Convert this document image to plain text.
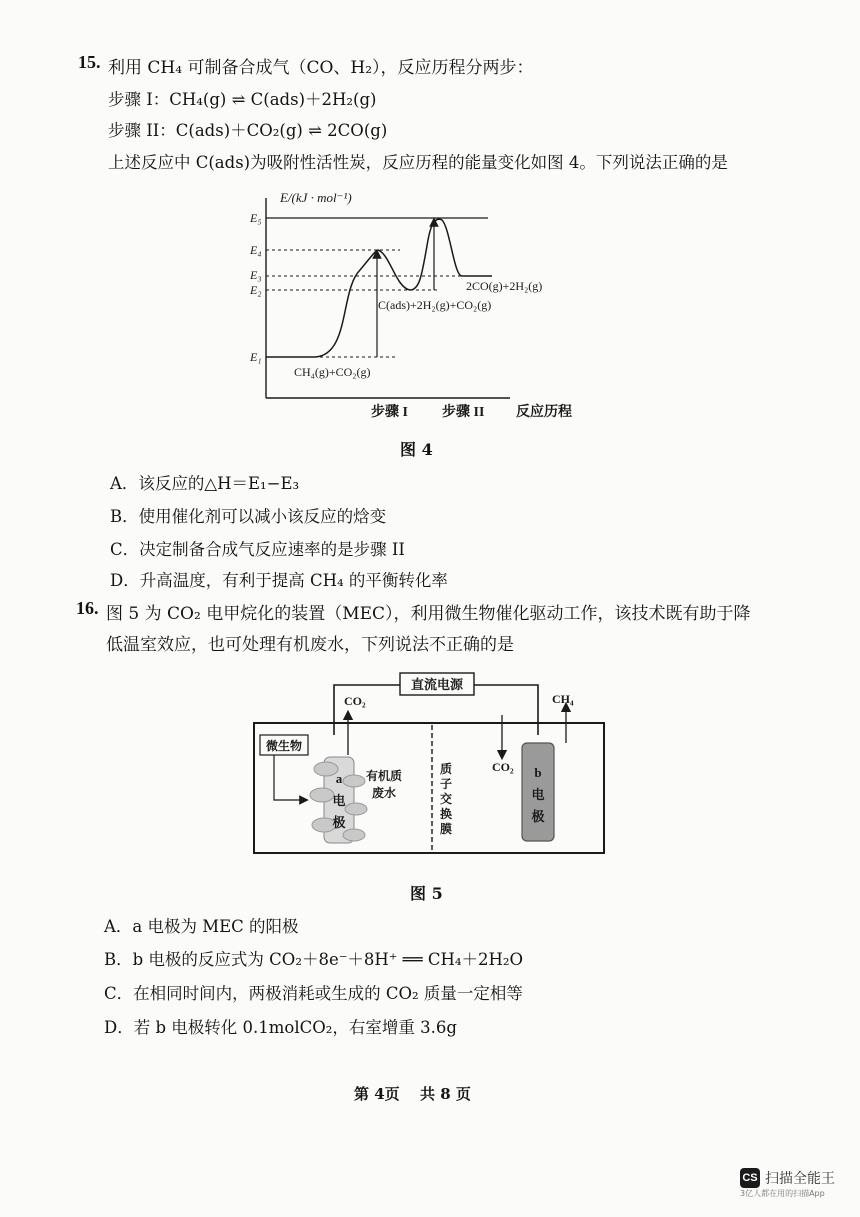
15. 利用 CH₄ 可制备合成气（CO、H₂），反应历程分两步：
步骤 I：CH₄(g) ⇌ C(ads)＋2H₂(g)
步骤 II：C(ads)＋CO₂(g) ⇌ 2CO(g)
上述反应中 C(ads)为吸附性活性炭，反应历程的能量变化如图 4。下列说法正确的是
E/(kJ · mol⁻¹)
E₅
E₄
E₃
E₂
E₁
2CO(g)+2H₂(g)
C(ads)+2H₂(g)+CO₂(g)
CH₄(g)+CO₂(g)
步骤 I 步骤 II 反应历程
图 4
A．该反应的△H＝E₁−E₃
B．使用催化剂可以减小该反应的焓变
C．决定制备合成气反应速率的是步骤 II
D．升高温度，有利于提高 CH₄ 的平衡转化率
16. 图 5 为 CO₂ 电甲烷化的装置（MEC），利用微生物催化驱动工作，该技术既有助于降
低温室效应，也可处理有机废水，下列说法不正确的是
直流电源
CO₂
CO₂
CH₄
微生物
a
电
极
有机质
废水
质
子
交
换
膜
b
电
极
图 5
A．a 电极为 MEC 的阳极
B．b 电极的反应式为 CO₂＋8e⁻＋8H⁺ ══ CH₄＋2H₂O
C．在相同时间内，两极消耗或生成的 CO₂ 质量一定相等
D．若 b 电极转化 0.1molCO₂，右室增重 3.6g
第 4页 共 8 页
CS 扫描全能王
3亿人都在用的扫描App
